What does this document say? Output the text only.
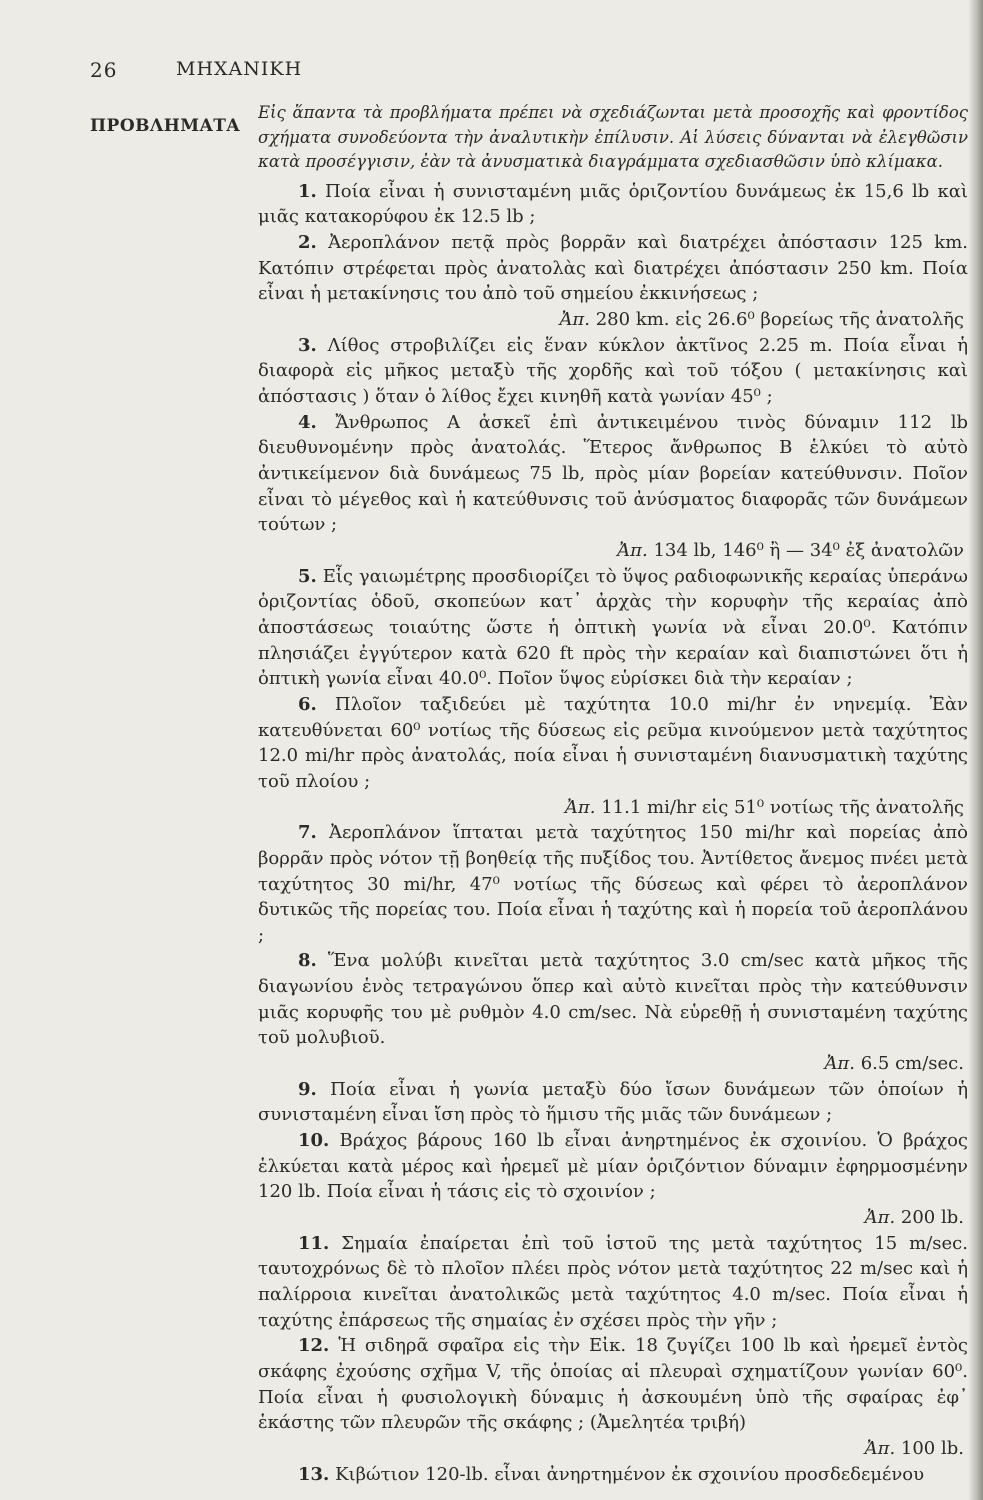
26	ΜΗΧΑΝΙΚΗ
ΠΡΟΒΛΗΜΑΤΑ

Εἰς ἅπαντα τὰ προβλήματα πρέπει νὰ σχεδιάζωνται μετὰ προσοχῆς καὶ φροντίδος σχήματα συνοδεύοντα τὴν ἀναλυτικὴν ἐπίλυσιν. Αἱ λύσεις δύνανται νὰ ἐλεγθῶσιν κατὰ προσέγγισιν, ἐὰν τὰ ἀνυσματικὰ διαγράμματα σχεδιασθῶσιν ὑπὸ κλίμακα.

1. Ποία εἶναι ἡ συνισταμένη μιᾶς ὁριζοντίου δυνάμεως ἐκ 15,6 lb καὶ μιᾶς κατακορύφου ἐκ 12.5 lb ;

2. Ἀεροπλάνον πετᾷ πρὸς βορρᾶν καὶ διατρέχει ἀπόστασιν 125 km. Κατόπιν στρέφεται πρὸς ἀνατολὰς καὶ διατρέχει ἀπόστασιν 250 km. Ποία εἶναι ἡ μετακίνησις του ἀπὸ τοῦ σημείου ἐκκινήσεως ;

Ἀπ. 280 km. εἰς 26.6⁰ βορείως τῆς ἀνατολῆς

3. Λίθος στροβιλίζει εἰς ἕναν κύκλον ἀκτῖνος 2.25 m. Ποία εἶναι ἡ διαφορὰ εἰς μῆκος μεταξὺ τῆς χορδῆς καὶ τοῦ τόξου ( μετακίνησις καὶ ἀπόστασις ) ὅταν ὁ λίθος ἔχει κινηθῆ κατὰ γωνίαν 45⁰ ;

4. Ἄνθρωπος Α ἀσκεῖ ἐπὶ ἀντικειμένου τινὸς δύναμιν 112 lb διευθυνομένην πρὸς ἀνατολάς. Ἕτερος ἄνθρωπος Β ἑλκύει τὸ αὐτὸ ἀντικείμενον διὰ δυνάμεως 75 lb, πρὸς μίαν βορείαν κατεύθυνσιν. Ποῖον εἶναι τὸ μέγεθος καὶ ἡ κατεύθυνσις τοῦ ἀνύσματος διαφορᾶς τῶν δυνάμεων τούτων ;

Ἀπ. 134 lb, 146⁰ ἢ — 34⁰ ἐξ ἀνατολῶν

5. Εἷς γαιωμέτρης προσδιορίζει τὸ ὕψος ραδιοφωνικῆς κεραίας ὑπεράνω ὁριζοντίας ὁδοῦ, σκοπεύων κατ᾽ ἀρχὰς τὴν κορυφὴν τῆς κεραίας ἀπὸ ἀποστάσεως τοιαύτης ὥστε ἡ ὀπτικὴ γωνία νὰ εἶναι 20.0⁰. Κατόπιν πλησιάζει ἐγγύτερον κατὰ 620 ft πρὸς τὴν κεραίαν καὶ διαπιστώνει ὅτι ἡ ὀπτικὴ γωνία εἶναι 40.0⁰. Ποῖον ὕψος εὑρίσκει διὰ τὴν κεραίαν ;

6. Πλοῖον ταξιδεύει μὲ ταχύτητα 10.0 mi/hr ἐν νηνεμίᾳ. Ἐὰν κατευθύνεται 60⁰ νοτίως τῆς δύσεως εἰς ρεῦμα κινούμενον μετὰ ταχύτητος 12.0 mi/hr πρὸς ἀνατολάς, ποία εἶναι ἡ συνισταμένη διανυσματικὴ ταχύτης τοῦ πλοίου ;

Ἀπ. 11.1 mi/hr εἰς 51⁰ νοτίως τῆς ἀνατολῆς

7. Ἀεροπλάνον ἵπταται μετὰ ταχύτητος 150 mi/hr καὶ πορείας ἀπὸ βορρᾶν πρὸς νότον τῇ βοηθείᾳ τῆς πυξίδος του. Ἀντίθετος ἄνεμος πνέει μετὰ ταχύτητος 30 mi/hr, 47⁰ νοτίως τῆς δύσεως καὶ φέρει τὸ ἀεροπλάνον δυτικῶς τῆς πορείας του. Ποία εἶναι ἡ ταχύτης καὶ ἡ πορεία τοῦ ἀεροπλάνου ;

8. Ἕνα μολύβι κινεῖται μετὰ ταχύτητος 3.0 cm/sec κατὰ μῆκος τῆς διαγωνίου ἑνὸς τετραγώνου ὅπερ καὶ αὐτὸ κινεῖται πρὸς τὴν κατεύθυνσιν μιᾶς κορυφῆς του μὲ ρυθμὸν 4.0 cm/sec. Νὰ εὑρεθῇ ἡ συνισταμένη ταχύτης τοῦ μολυβιοῦ.

Ἀπ. 6.5 cm/sec.

9. Ποία εἶναι ἡ γωνία μεταξὺ δύο ἴσων δυνάμεων τῶν ὁποίων ἡ συνισταμένη εἶναι ἴση πρὸς τὸ ἥμισυ τῆς μιᾶς τῶν δυνάμεων ;

10. Βράχος βάρους 160 lb εἶναι ἀνηρτημένος ἐκ σχοινίου. Ὁ βράχος ἑλκύεται κατὰ μέρος καὶ ἠρεμεῖ μὲ μίαν ὁριζόντιον δύναμιν ἐφηρμοσμένην 120 lb. Ποία εἶναι ἡ τάσις εἰς τὸ σχοινίον ;

Ἀπ. 200 lb.

11. Σημαία ἐπαίρεται ἐπὶ τοῦ ἱστοῦ της μετὰ ταχύτητος 15 m/sec. ταυτοχρόνως δὲ τὸ πλοῖον πλέει πρὸς νότον μετὰ ταχύτητος 22 m/sec καὶ ἡ παλίρροια κινεῖται ἀνατολικῶς μετὰ ταχύτητος 4.0 m/sec. Ποία εἶναι ἡ ταχύτης ἐπάρσεως τῆς σημαίας ἐν σχέσει πρὸς τὴν γῆν ;

12. Ἡ σιδηρᾶ σφαῖρα εἰς τὴν Εἰκ. 18 ζυγίζει 100 lb καὶ ἠρεμεῖ ἐντὸς σκάφης ἐχούσης σχῆμα V, τῆς ὁποίας αἱ πλευραὶ σχηματίζουν γωνίαν 60⁰. Ποία εἶναι ἡ φυσιολογικὴ δύναμις ἡ ἀσκουμένη ὑπὸ τῆς σφαίρας ἐφ᾽ ἑκάστης τῶν πλευρῶν τῆς σκάφης ; (Ἀμελητέα τριβή)

Ἀπ. 100 lb.

13. Κιβώτιον 120-lb. εἶναι ἀνηρτημένον ἐκ σχοινίου προσδεδεμένου
